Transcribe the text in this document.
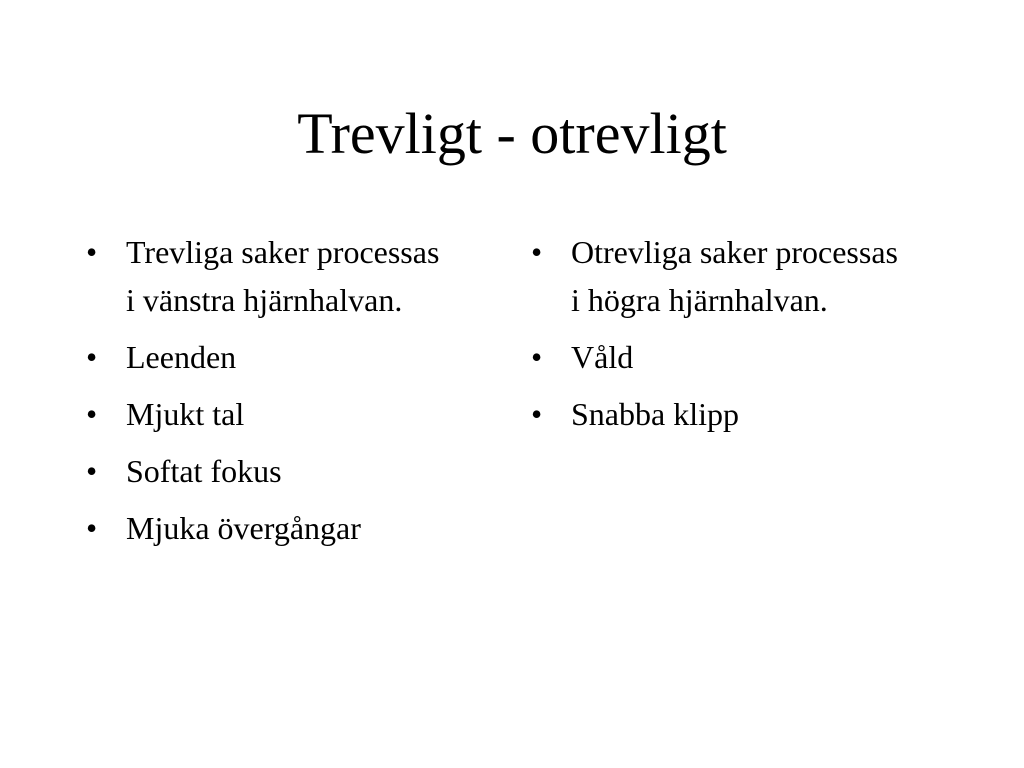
Trevligt - otrevligt
• Trevliga saker processas i vänstra hjärnhalvan.
• Leenden
• Mjukt tal
• Softat fokus
• Mjuka övergångar
• Otrevliga saker processas i högra hjärnhalvan.
• Våld
• Snabba klipp
